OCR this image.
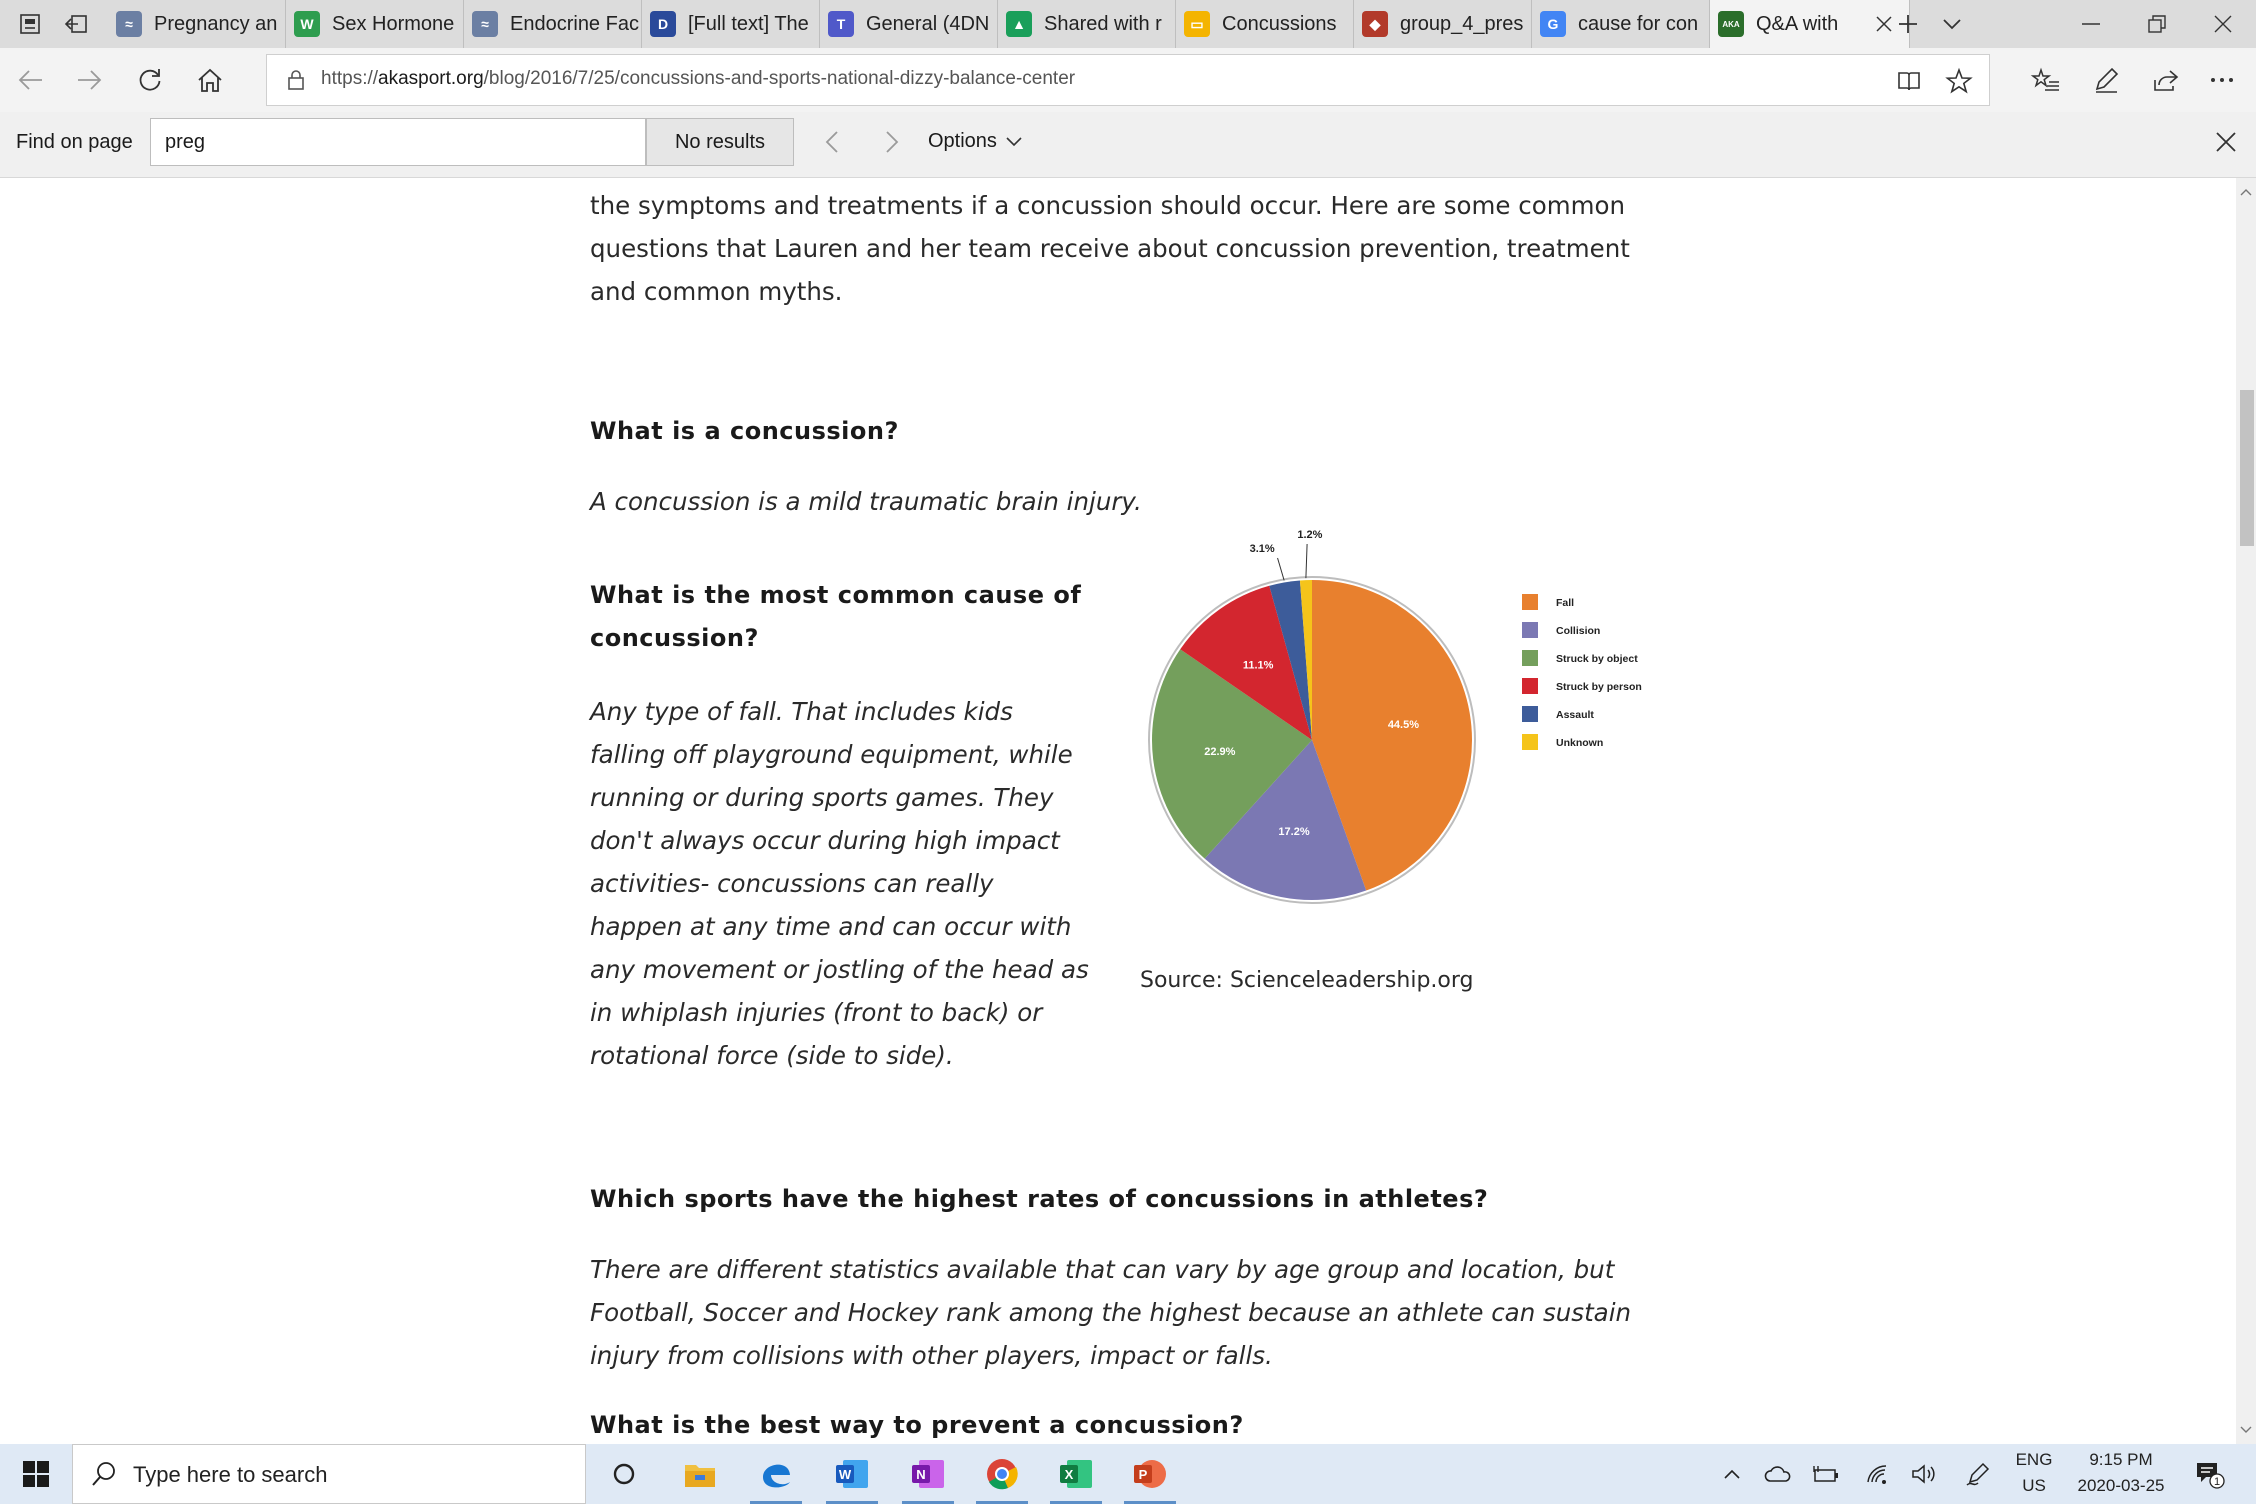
≈	Pregnancy an	W Sex Hormone	≈	Endocrine Fac	D [Full text] The	T	General (4DN	▲ Shared with r	▭ Concussions	◆ group_4_pres	G cause for con	AKA Q&A with
https://akasport.org/blog/2016/7/25/concussions-and-sports-national-dizzy-balance-center
Find on page	preg	No results	Options

the symptoms and treatments if a concussion should occur. Here are some common
questions that Lauren and her team receive about concussion prevention, treatment
and common myths.

What is a concussion?

A concussion is a mild traumatic brain injury.

What is the most common cause of
concussion?

Any type of fall. That includes kids
falling off playground equipment, while
running or during sports games. They
don't always occur during high impact
activities- concussions can really
happen at any time and can occur with
any movement or jostling of the head as
in whiplash injuries (front to back) or
rotational force (side to side).

44.5%
17.2%
22.9%
11.1%
3.1%
1.2%
Fall
Collision
Struck by object
Struck by person
Assault
Unknown
Source: Scienceleadership.org
Which sports have the highest rates of concussions in athletes?

There are different statistics available that can vary by age group and location, but
Football, Soccer and Hockey rank among the highest because an athlete can sustain
injury from collisions with other players, impact or falls.

What is the best way to prevent a concussion?
Type here to search	W	N	X	P
ENG
US
9:15 PM
2020-03-25	1
